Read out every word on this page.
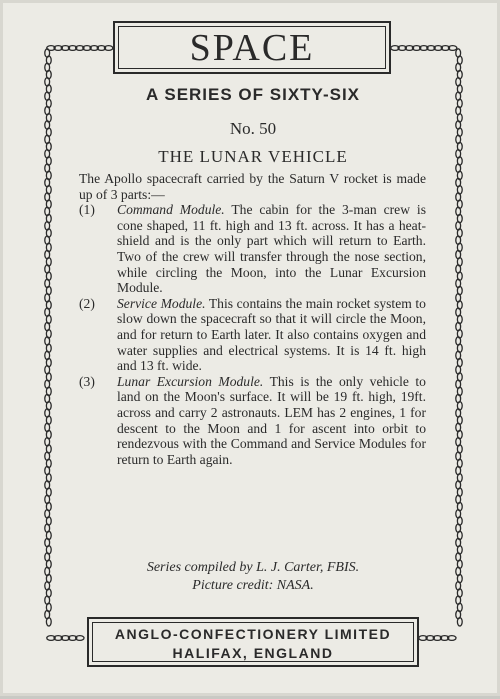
SPACE
A SERIES OF SIXTY-SIX
No. 50
THE LUNAR VEHICLE

The Apollo spacecraft carried by the Saturn V rocket is made up of 3 parts:—

(1)	Command Module. The cabin for the 3-man crew is cone shaped, 11 ft. high and 13 ft. across. It has a heat-shield and is the only part which will return to Earth. Two of the crew will transfer through the nose section, while circling the Moon, into the Lunar Excursion Module.
(2)	Service Module. This contains the main rocket system to slow down the spacecraft so that it will circle the Moon, and for return to Earth later. It also contains oxygen and water supplies and electrical systems. It is 14 ft. high and 13 ft. wide.
(3)	Lunar Excursion Module. This is the only vehicle to land on the Moon's surface. It will be 19 ft. high, 19ft. across and carry 2 astronauts. LEM has 2 engines, 1 for descent to the Moon and 1 for ascent into orbit to rendezvous with the Command and Service Modules for return to Earth again.
Series compiled by L. J. Carter, FBIS.
Picture credit: NASA.
ANGLO-CONFECTIONERY LIMITED
HALIFAX, ENGLAND
